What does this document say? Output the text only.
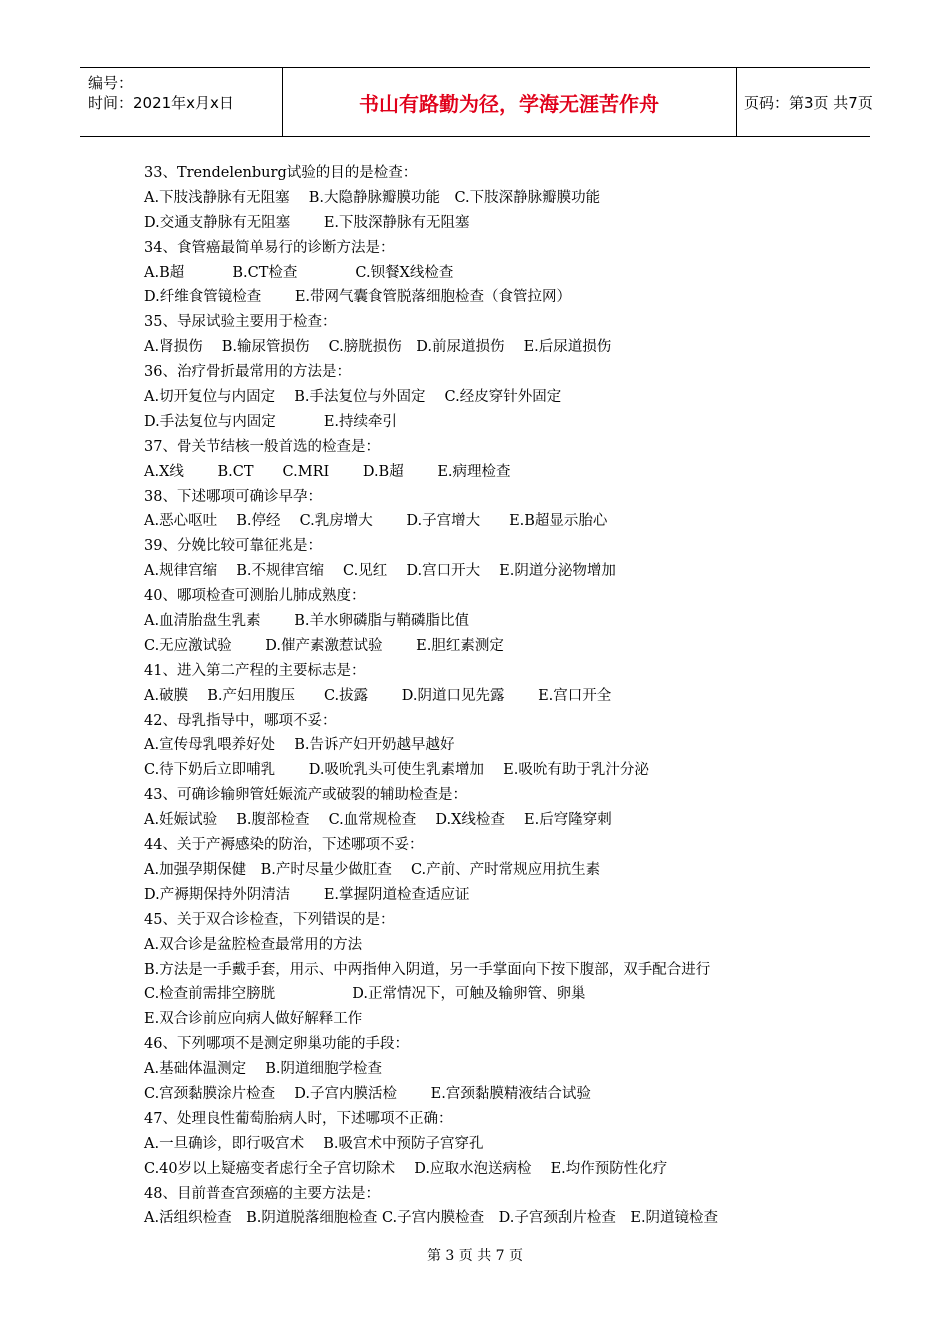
编号：
时间：2021年x月x日	书山有路勤为径，学海无涯苦作舟	页码：第3页 共7页
33、Trendelenburg试验的目的是检查：
A.下肢浅静脉有无阻塞　 B.大隐静脉瓣膜功能　C.下肢深静脉瓣膜功能
D.交通支静脉有无阻塞　　 E.下肢深静脉有无阻塞
34、食管癌最简单易行的诊断方法是：
A.B超　　　 B.CT检查　　　　C.钡餐X线检查
D.纤维食管镜检查　　 E.带网气囊食管脱落细胞检查（食管拉网）
35、导尿试验主要用于检查：
A.肾损伤　 B.输尿管损伤　 C.膀胱损伤　D.前尿道损伤　 E.后尿道损伤
36、治疗骨折最常用的方法是：
A.切开复位与内固定　 B.手法复位与外固定　 C.经皮穿针外固定
D.手法复位与内固定　　　 E.持续牵引
37、骨关节结核一般首选的检查是：
A.X线　　 B.CT　　C.MRI　　 D.B超　　 E.病理检查
38、下述哪项可确诊早孕：
A.恶心呕吐　 B.停经　 C.乳房增大　　 D.子宫增大　　E.B超显示胎心
39、分娩比较可靠征兆是：
A.规律宫缩　 B.不规律宫缩　 C.见红　 D.宫口开大　 E.阴道分泌物增加
40、哪项检查可测胎儿肺成熟度：
A.血清胎盘生乳素　　 B.羊水卵磷脂与鞘磷脂比值
C.无应激试验　　 D.催产素激惹试验　　 E.胆红素测定
41、进入第二产程的主要标志是：
A.破膜　 B.产妇用腹压　　C.拔露　　 D.阴道口见先露　　 E.宫口开全
42、母乳指导中，哪项不妥：
A.宣传母乳喂养好处　 B.告诉产妇开奶越早越好
C.待下奶后立即哺乳　　 D.吸吮乳头可使生乳素增加　 E.吸吮有助于乳汁分泌
43、可确诊输卵管妊娠流产或破裂的辅助检查是：
A.妊娠试验　 B.腹部检查　 C.血常规检查　 D.X线检查　 E.后穹隆穿刺
44、关于产褥感染的防治，下述哪项不妥：
A.加强孕期保健　B.产时尽量少做肛查　 C.产前、产时常规应用抗生素
D.产褥期保持外阴清洁　　 E.掌握阴道检查适应证
45、关于双合诊检查，下列错误的是：
A.双合诊是盆腔检查最常用的方法
B.方法是一手戴手套，用示、中两指伸入阴道，另一手掌面向下按下腹部，双手配合进行
C.检查前需排空膀胱　　　　　 D.正常情况下，可触及输卵管、卵巢
E.双合诊前应向病人做好解释工作
46、下列哪项不是测定卵巢功能的手段：
A.基础体温测定　 B.阴道细胞学检查
C.宫颈黏膜涂片检查　 D.子宫内膜活检　　 E.宫颈黏膜精液结合试验
47、处理良性葡萄胎病人时，下述哪项不正确：
A.一旦确诊，即行吸宫术　 B.吸宫术中预防子宫穿孔
C.40岁以上疑癌变者虑行全子宫切除术　 D.应取水泡送病检　 E.均作预防性化疗
48、目前普查宫颈癌的主要方法是：
A.活组织检查　B.阴道脱落细胞检查 C.子宫内膜检查　D.子宫颈刮片检查　E.阴道镜检查
第 3 页 共 7 页
